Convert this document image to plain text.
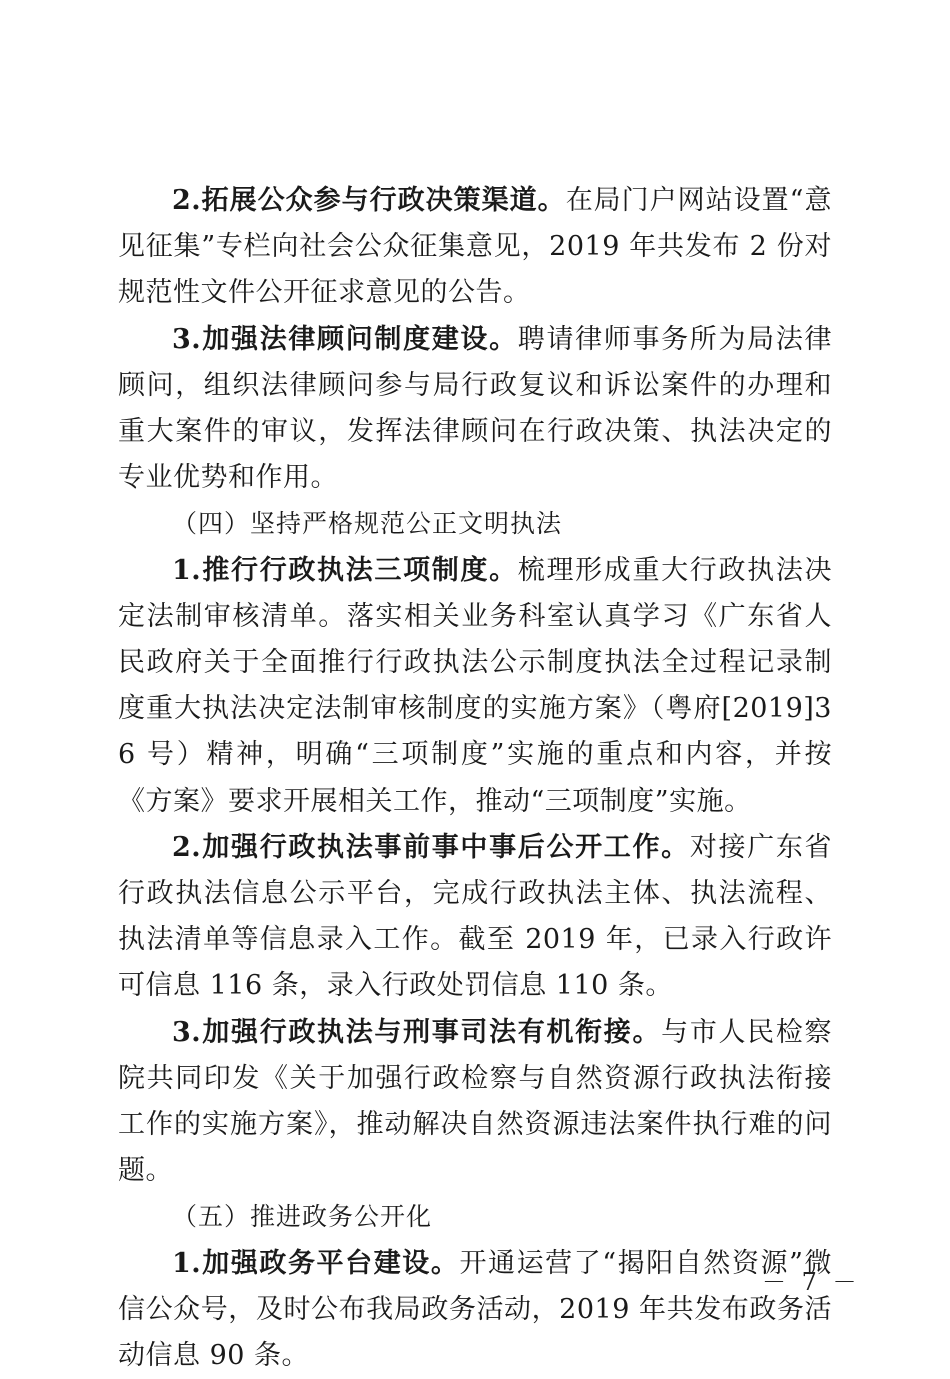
2.拓展公众参与行政决策渠道。在局门户网站设置“意见征集”专栏向社会公众征集意见，2019 年共发布 2 份对规范性文件公开征求意见的公告。

3.加强法律顾问制度建设。聘请律师事务所为局法律顾问，组织法律顾问参与局行政复议和诉讼案件的办理和重大案件的审议，发挥法律顾问在行政决策、执法决定的专业优势和作用。

（四）坚持严格规范公正文明执法

1.推行行政执法三项制度。梳理形成重大行政执法决定法制审核清单。落实相关业务科室认真学习《广东省人民政府关于全面推行行政执法公示制度执法全过程记录制度重大执法决定法制审核制度的实施方案》（粤府[2019]36 号）精神，明确“三项制度”实施的重点和内容，并按《方案》要求开展相关工作，推动“三项制度”实施。

2.加强行政执法事前事中事后公开工作。对接广东省行政执法信息公示平台，完成行政执法主体、执法流程、执法清单等信息录入工作。截至 2019 年，已录入行政许可信息 116 条，录入行政处罚信息 110 条。

3.加强行政执法与刑事司法有机衔接。与市人民检察院共同印发《关于加强行政检察与自然资源行政执法衔接工作的实施方案》，推动解决自然资源违法案件执行难的问题。

（五）推进政务公开化

1.加强政务平台建设。开通运营了“揭阳自然资源”微信公众号，及时公布我局政务活动，2019 年共发布政务活动信息 90 条。

－ 7 －
